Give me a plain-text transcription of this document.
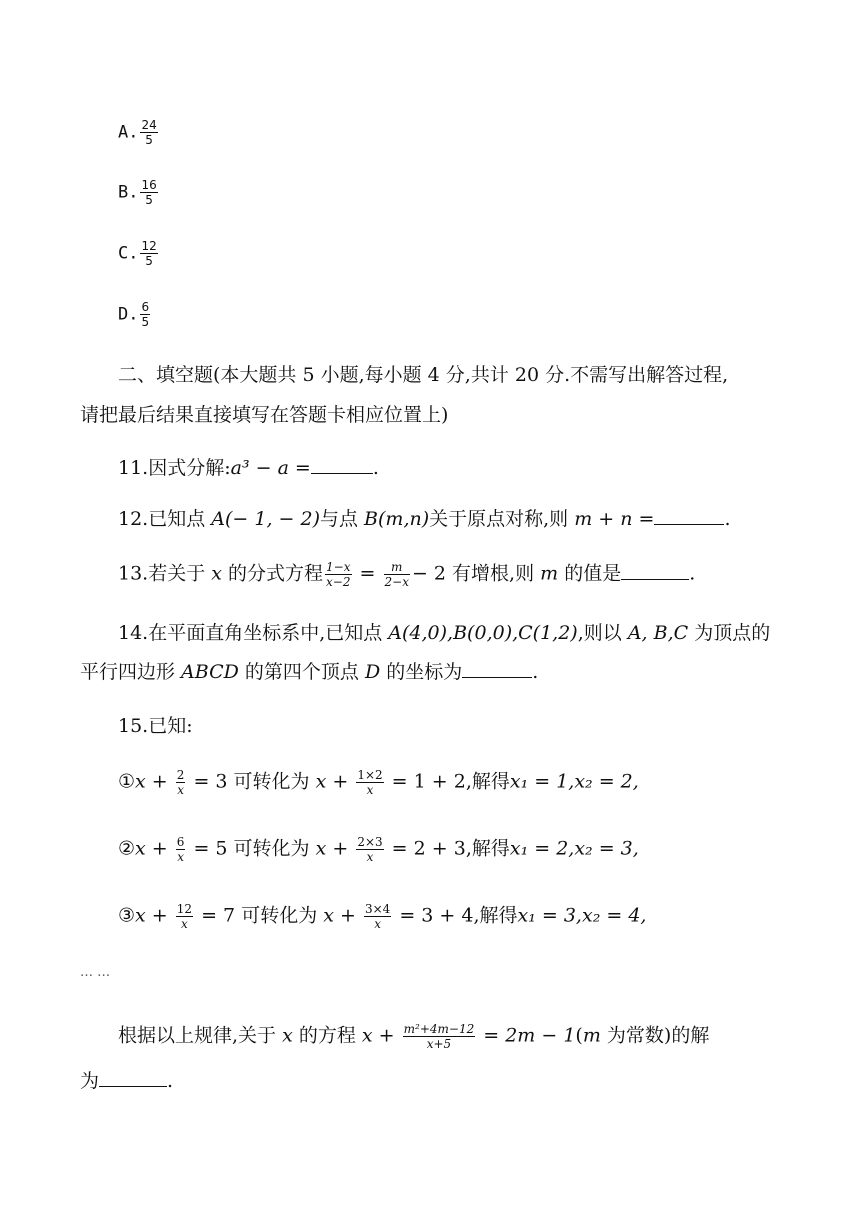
A. $\frac{24}{5}$
B. $\frac{16}{5}$
C. $\frac{12}{5}$
D. $\frac{6}{5}$
二、填空题(本大题共 5 小题,每小题 4 分,共计 20 分.不需写出解答过程,
请把最后结果直接填写在答题卡相应位置上)
11.因式分解:a³ − a =	.
12.已知点 A(− 1, − 2)与点 B(m,n)关于原点对称,则 m + n =	.
13.若关于 x 的分式方程 $\frac{1-x}{x-2} = \frac{m}{2-x} - 2$ 有增根,则 m 的值是	.
14.在平面直角坐标系中,已知点 A(4,0),B(0,0),C(1,2),则以 A, B,C 为顶点的
平行四边形 ABCD 的第四个顶点 D 的坐标为	.
15.已知:
①x + $\frac{2}{x} = 3$ 可转化为 $x + \frac{1\times 2}{x} = 1 + 2$,解得x₁ = 1,x₂ = 2,
②x + $\frac{6}{x} = 5$ 可转化为 $x + \frac{2\times 3}{x} = 2 + 3$,解得x₁ = 2,x₂ = 3,
③x + $\frac{12}{x} = 7$ 可转化为 $x + \frac{3\times 4}{x} = 3 + 4$,解得x₁ = 3,x₂ = 4,
… …
根据以上规律,关于 x 的方程 $x + \frac{\text{m²+4m−12}}{x+5} = 2m - 1(m$ 为常数)的解
为	.
